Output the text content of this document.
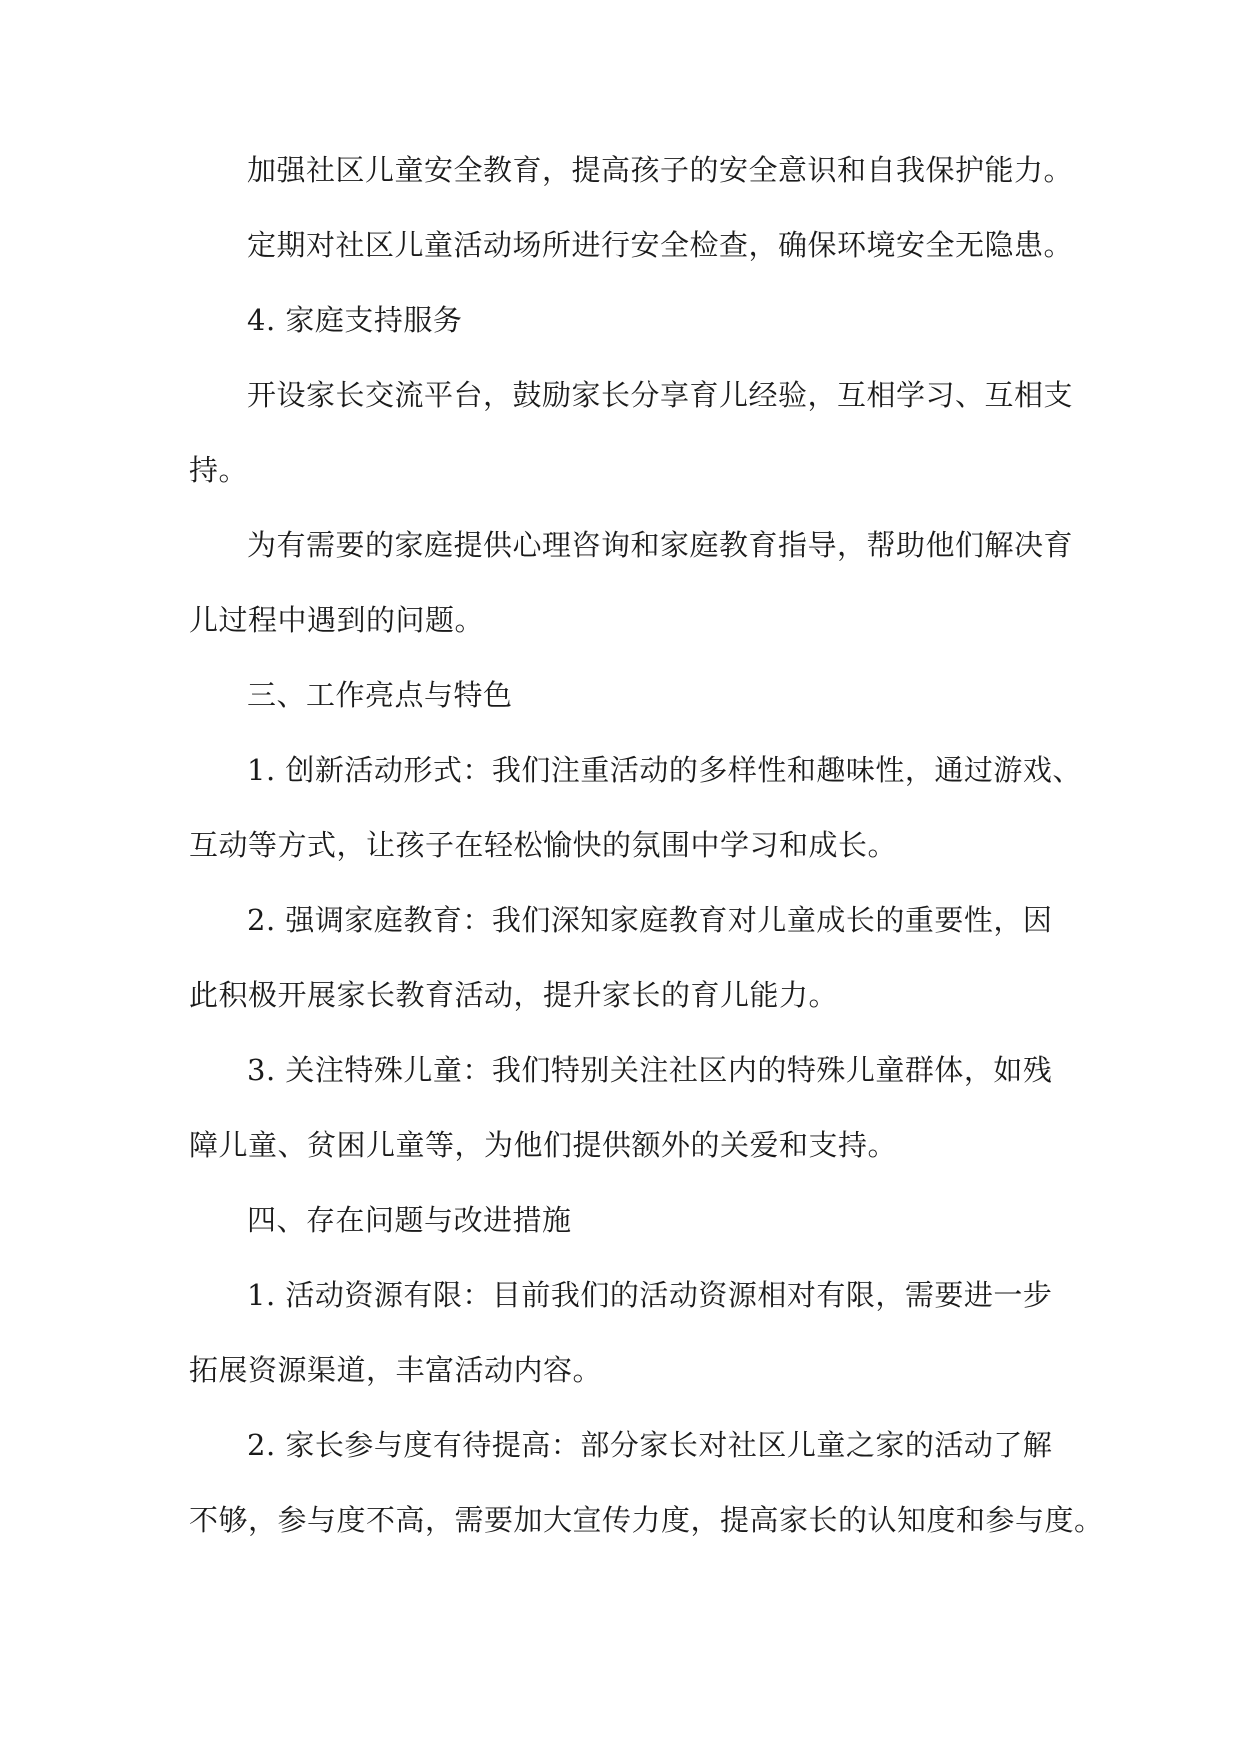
加强社区儿童安全教育，提高孩子的安全意识和自我保护能力。
定期对社区儿童活动场所进行安全检查，确保环境安全无隐患。
4. 家庭支持服务
开设家长交流平台，鼓励家长分享育儿经验，互相学习、互相支
持。
为有需要的家庭提供心理咨询和家庭教育指导，帮助他们解决育
儿过程中遇到的问题。
三、工作亮点与特色
1. 创新活动形式：我们注重活动的多样性和趣味性，通过游戏、
互动等方式，让孩子在轻松愉快的氛围中学习和成长。
2. 强调家庭教育：我们深知家庭教育对儿童成长的重要性，因
此积极开展家长教育活动，提升家长的育儿能力。
3. 关注特殊儿童：我们特别关注社区内的特殊儿童群体，如残
障儿童、贫困儿童等，为他们提供额外的关爱和支持。
四、存在问题与改进措施
1. 活动资源有限：目前我们的活动资源相对有限，需要进一步
拓展资源渠道，丰富活动内容。
2. 家长参与度有待提高：部分家长对社区儿童之家的活动了解
不够，参与度不高，需要加大宣传力度，提高家长的认知度和参与度。
